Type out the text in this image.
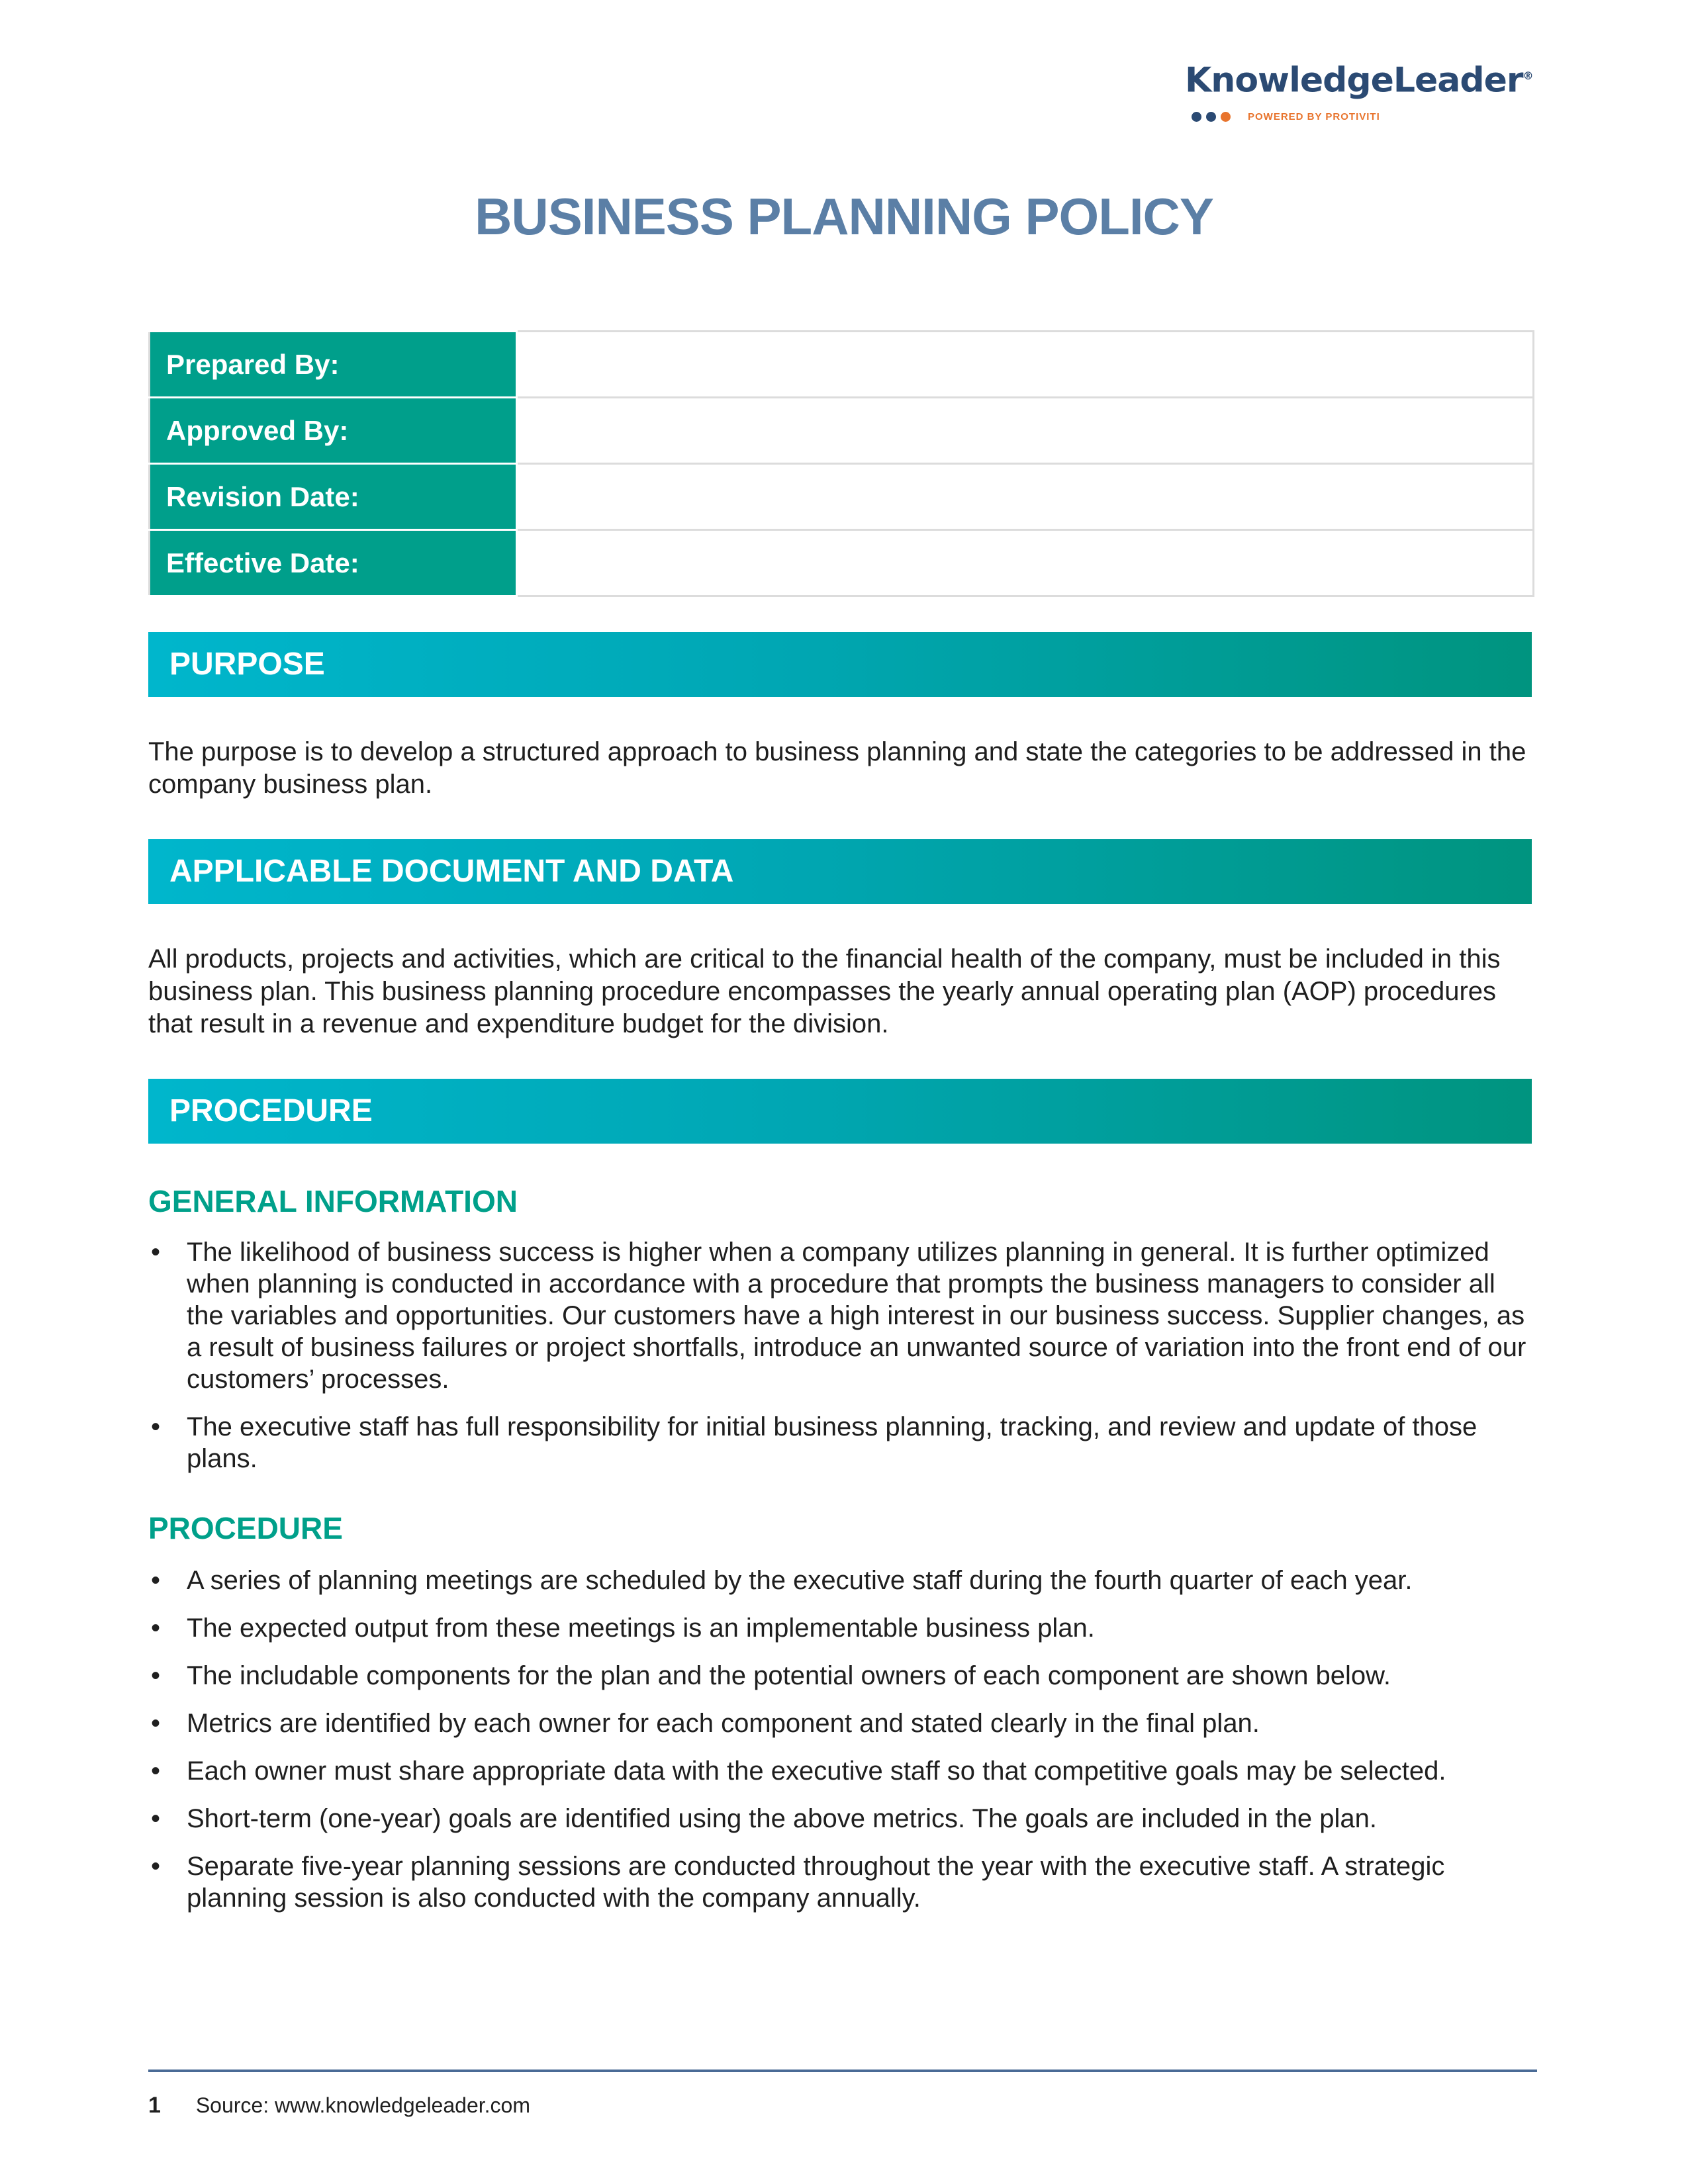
KnowledgeLeader®
POWERED BY PROTIVITI
BUSINESS PLANNING POLICY
Prepared By:	
Approved By:	
Revision Date:	
Effective Date:	
PURPOSE

The purpose is to develop a structured approach to business planning and state the categories to be addressed in the company business plan.

APPLICABLE DOCUMENT AND DATA

All products, projects and activities, which are critical to the financial health of the company, must be included in this business plan. This business planning procedure encompasses the yearly annual operating plan (AOP) procedures that result in a revenue and expenditure budget for the division.

PROCEDURE
GENERAL INFORMATION
• The likelihood of business success is higher when a company utilizes planning in general. It is further optimized when planning is conducted in accordance with a procedure that prompts the business managers to consider all the variables and opportunities. Our customers have a high interest in our business success. Supplier changes, as a result of business failures or project shortfalls, introduce an unwanted source of variation into the front end of our customers’ processes.
• The executive staff has full responsibility for initial business planning, tracking, and review and update of those plans.
PROCEDURE
• A series of planning meetings are scheduled by the executive staff during the fourth quarter of each year.
• The expected output from these meetings is an implementable business plan.
• The includable components for the plan and the potential owners of each component are shown below.
• Metrics are identified by each owner for each component and stated clearly in the final plan.
• Each owner must share appropriate data with the executive staff so that competitive goals may be selected.
• Short-term (one-year) goals are identified using the above metrics. The goals are included in the plan.
• Separate five-year planning sessions are conducted throughout the year with the executive staff. A strategic planning session is also conducted with the company annually.
1 Source: www.knowledgeleader.com
